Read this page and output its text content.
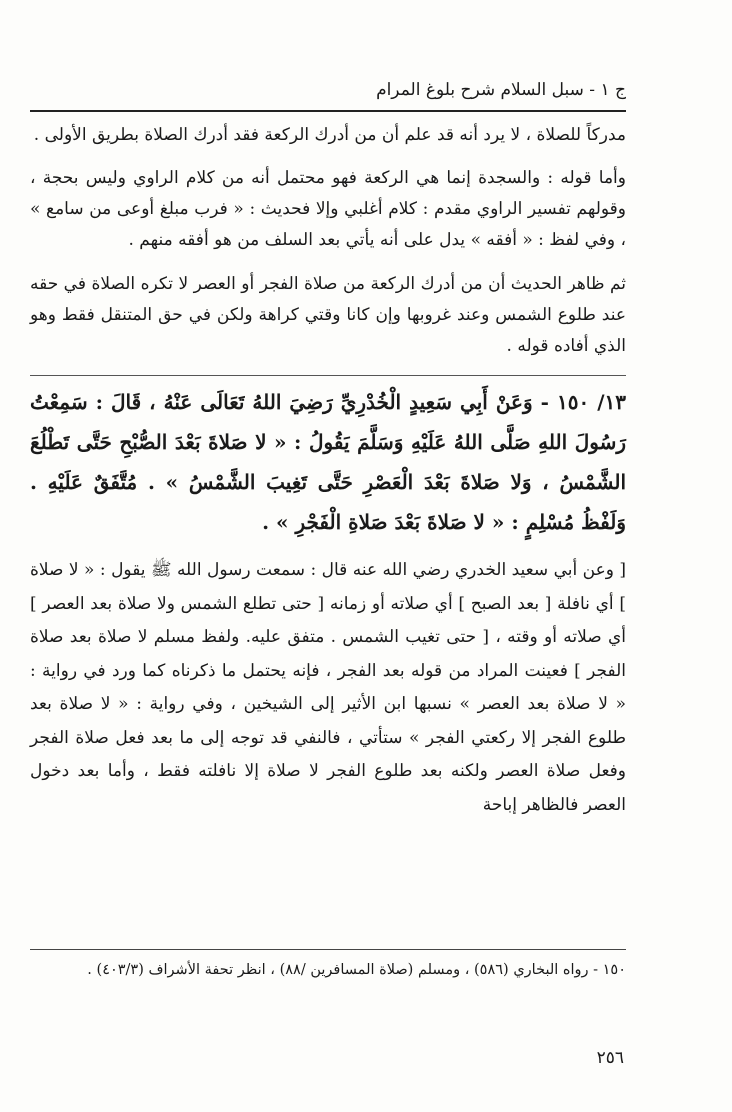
ج ١ - سبل السلام شرح بلوغ المرام

مدركاً للصلاة ، لا يرد أنه قد علم أن من أدرك الركعة فقد أدرك الصلاة بطريق الأولى .

وأما قوله : والسجدة إنما هي الركعة فهو محتمل أنه من كلام الراوي وليس بحجة ، وقولهم تفسير الراوي مقدم : كلام أغلبي وإلا فحديث : « فرب مبلغ أوعى من سامع » ، وفي لفظ : « أفقه » يدل على أنه يأتي بعد السلف من هو أفقه منهم .

ثم ظاهر الحديث أن من أدرك الركعة من صلاة الفجر أو العصر لا تكره الصلاة في حقه عند طلوع الشمس وعند غروبها وإن كانا وقتي كراهة ولكن في حق المتنقل فقط وهو الذي أفاده قوله .

١٣/ ١٥٠ - وَعَنْ أَبِي سَعِيدٍ الْخُدْرِيِّ رَضِيَ اللهُ تَعَالَى عَنْهُ ، قَالَ : سَمِعْتُ رَسُولَ اللهِ صَلَّى اللهُ عَلَيْهِ وَسَلَّمَ يَقُولُ : « لا صَلاةَ بَعْدَ الصُّبْحِ حَتَّى تَطْلُعَ الشَّمْسُ ، وَلا صَلاةَ بَعْدَ الْعَصْرِ حَتَّى تَغِيبَ الشَّمْسُ » . مُتَّفَقٌ عَلَيْهِ . وَلَفْظُ مُسْلِمٍ : « لا صَلاةَ بَعْدَ صَلاةِ الْفَجْرِ » .

[ وعن أبي سعيد الخدري رضي الله عنه قال : سمعت رسول الله ﷺ يقول : « لا صلاة ] أي نافلة [ بعد الصبح ] أي صلاته أو زمانه [ حتى تطلع الشمس ولا صلاة بعد العصر ] أي صلاته أو وقته ، [ حتى تغيب الشمس . متفق عليه. ولفظ مسلم لا صلاة بعد صلاة الفجر ] فعينت المراد من قوله بعد الفجر ، فإنه يحتمل ما ذكرناه كما ورد في رواية : « لا صلاة بعد العصر » نسبها ابن الأثير إلى الشيخين ، وفي رواية : « لا صلاة بعد طلوع الفجر إلا ركعتي الفجر » ستأتي ، فالنفي قد توجه إلى ما بعد فعل صلاة الفجر وفعل صلاة العصر ولكنه بعد طلوع الفجر لا صلاة إلا نافلته فقط ، وأما بعد دخول العصر فالظاهر إباحة

١٥٠ - رواه البخاري (٥٨٦) ، ومسلم (صلاة المسافرين /٨٨) ، انظر تحفة الأشراف (٤٠٣/٣) .
٢٥٦
